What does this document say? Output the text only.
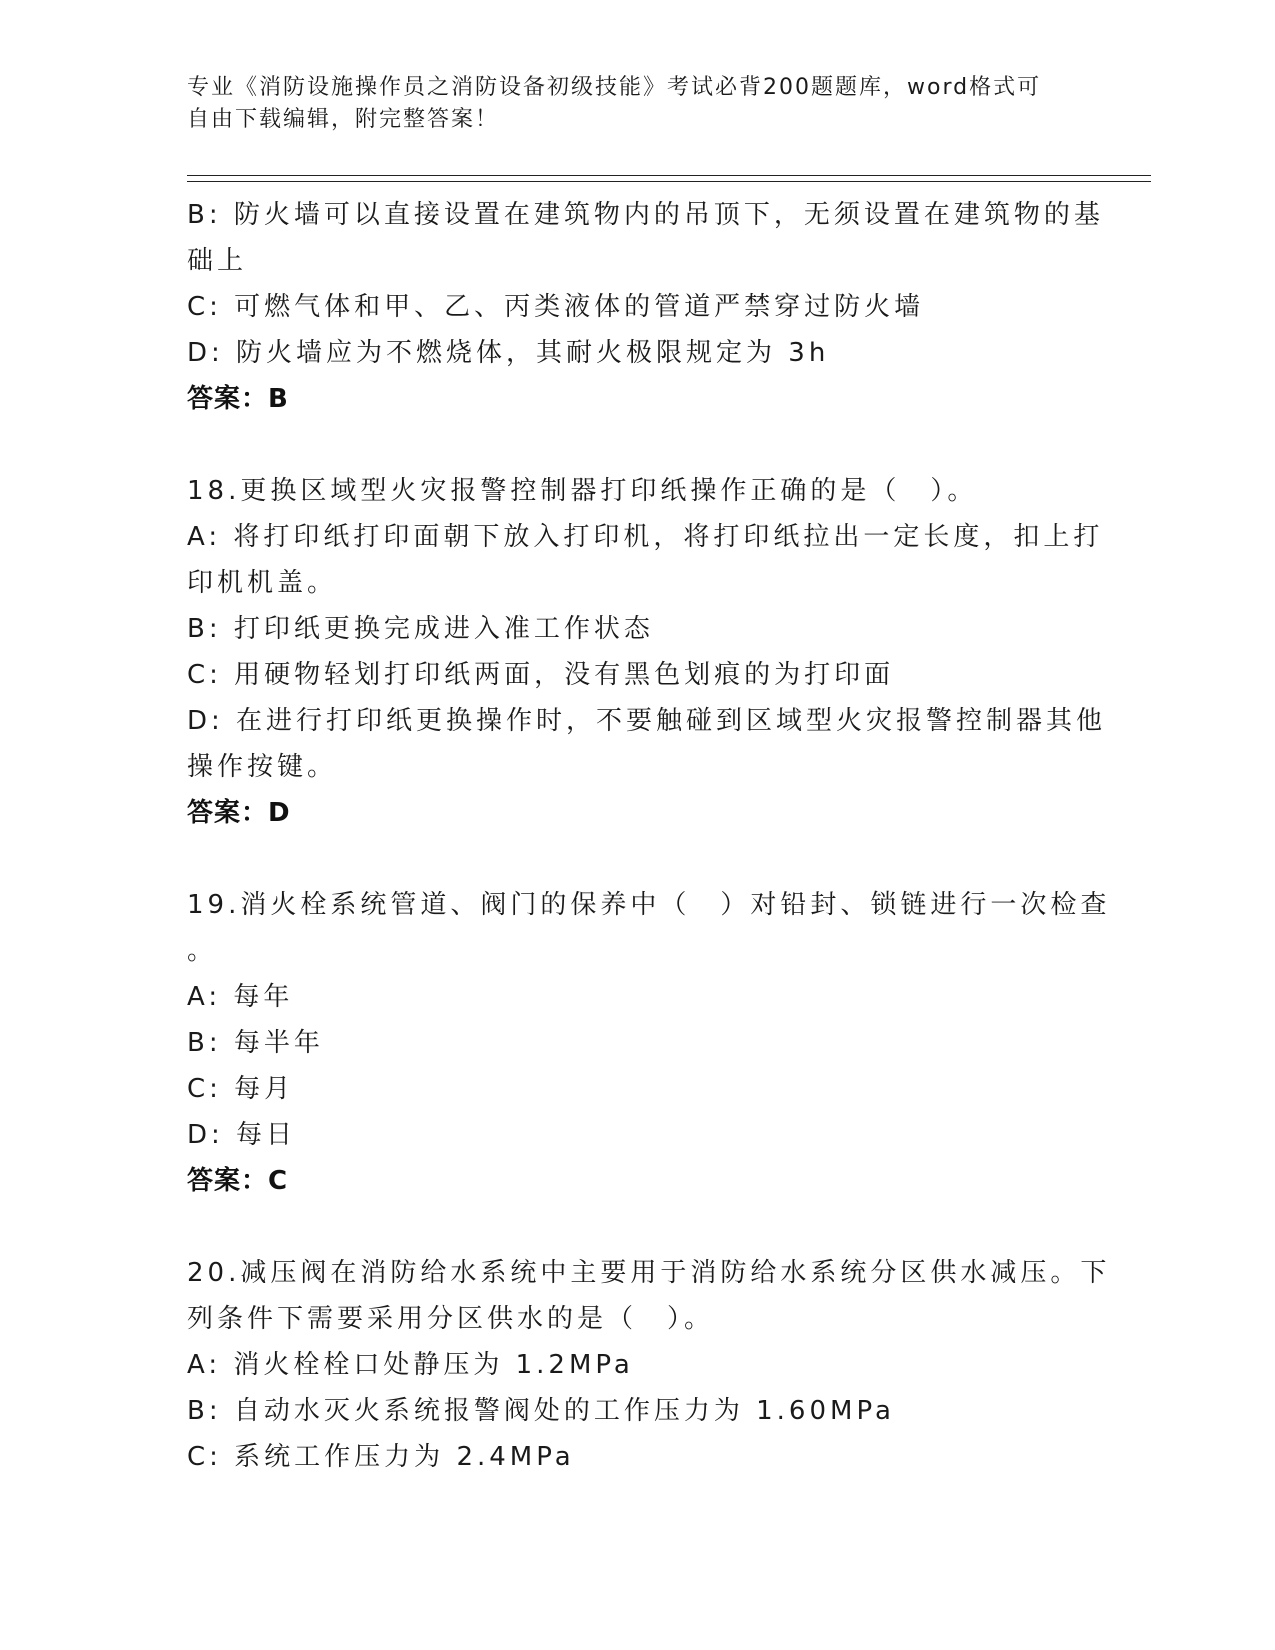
专业《消防设施操作员之消防设备初级技能》考试必背200题题库，word格式可
自由下载编辑，附完整答案！
B: 防火墙可以直接设置在建筑物内的吊顶下，无须设置在建筑物的基
础上
C: 可燃气体和甲、乙、丙类液体的管道严禁穿过防火墙
D: 防火墙应为不燃烧体，其耐火极限规定为 3h
答案：B
18.更换区域型火灾报警控制器打印纸操作正确的是（　）。
A: 将打印纸打印面朝下放入打印机，将打印纸拉出一定长度，扣上打
印机机盖。
B: 打印纸更换完成进入准工作状态
C: 用硬物轻划打印纸两面，没有黑色划痕的为打印面
D: 在进行打印纸更换操作时，不要触碰到区域型火灾报警控制器其他
操作按键。
答案：D
19.消火栓系统管道、阀门的保养中（　）对铅封、锁链进行一次检查
。
A: 每年
B: 每半年
C: 每月
D: 每日
答案：C
20.减压阀在消防给水系统中主要用于消防给水系统分区供水减压。下
列条件下需要采用分区供水的是（　）。
A: 消火栓栓口处静压为 1.2MPa
B: 自动水灭火系统报警阀处的工作压力为 1.60MPa
C: 系统工作压力为 2.4MPa
